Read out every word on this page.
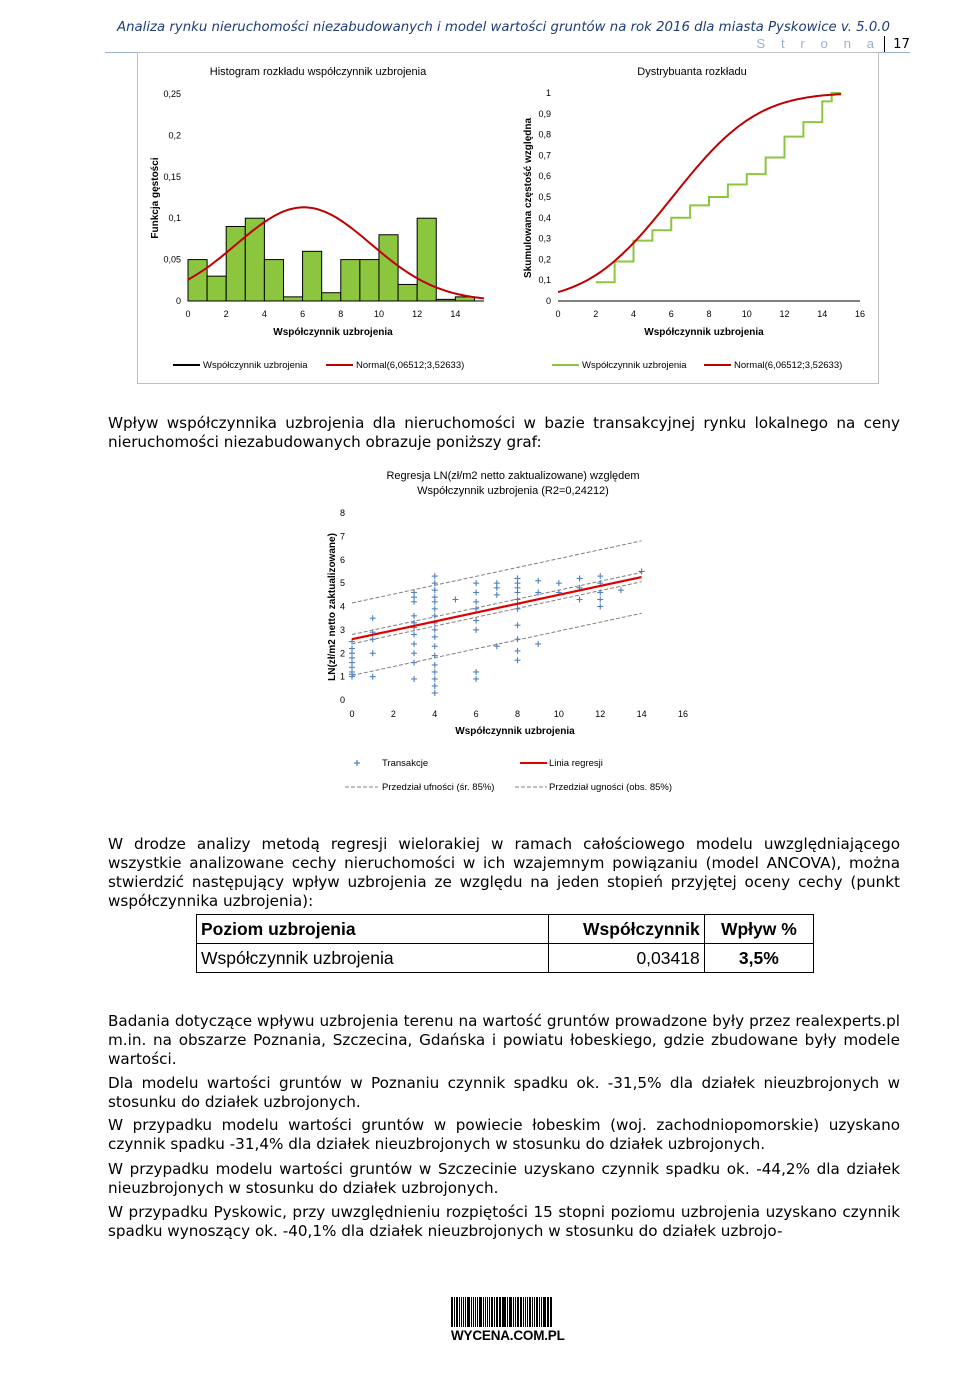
Analiza rynku nieruchomości niezabudowanych i model wartości gruntów na rok 2016 dla miasta Pyskowice v. 5.0.0
S t r o n a 17
Histogram rozkładu współczynnik uzbrojenia	Dystrybuanta rozkładu
Współczynnik uzbrojenia	Współczynnik uzbrojenia
Funkcja gęstości	Skumulowana częstość względna
Współczynnik uzbrojenia	Normal(6,06512;3,52633)	Współczynnik uzbrojenia	Normal(6,06512;3,52633)
0	2	4	6	8	10	12	14
0
0,05
0,1
0,15
0,2
0,25
0	2	4	6	8	10	12	14	16
0
0,1
0,2
0,3
0,4
0,5
0,6
0,7
0,8
0,9
1
Wpływ współczynnika uzbrojenia dla nieruchomości w bazie transakcyjnej rynku lokalnego na ceny nieruchomości niezabudowanych obrazuje poniższy graf:
Regresja LN(zł/m2 netto zaktualizowane) względem
Współczynnik uzbrojenia (R2=0,24212)
Współczynnik uzbrojenia
LN(zł/m2 netto zaktualizowane)
Transakcje	Linia regresji
Przedział ufności (śr. 85%)	Przedział ugności (obs. 85%)
0	2	4	6	8	10	12	14	16
0
1
2
3
4
5
6
7
8
W drodze analizy metodą regresji wielorakiej w ramach całościowego modelu uwzględniającego wszystkie analizowane cechy nieruchomości w ich wzajemnym powiązaniu (model ANCOVA), można stwierdzić następujący wpływ uzbrojenia ze względu na jeden stopień przyjętej oceny cechy (punkt współczynnika uzbrojenia):
Poziom uzbrojenia	Współczynnik	Wpływ %
Współczynnik uzbrojenia	0,03418	3,5%
Badania dotyczące wpływu uzbrojenia terenu na wartość gruntów prowadzone były przez realexperts.pl m.in. na obszarze Poznania, Szczecina, Gdańska i powiatu łobeskiego, gdzie zbudowane były modele wartości.
Dla modelu wartości gruntów w Poznaniu czynnik spadku ok. -31,5% dla działek nieuzbrojonych w stosunku do działek uzbrojonych.
W przypadku modelu wartości gruntów w powiecie łobeskim (woj. zachodniopomorskie) uzyskano czynnik spadku -31,4% dla działek nieuzbrojonych w stosunku do działek uzbrojonych.
W przypadku modelu wartości gruntów w Szczecinie uzyskano czynnik spadku ok. -44,2% dla działek nieuzbrojonych w stosunku do działek uzbrojonych.
W przypadku Pyskowic, przy uwzględnieniu rozpiętości 15 stopni poziomu uzbrojenia uzyskano czynnik spadku wynoszący ok. -40,1% dla działek nieuzbrojonych w stosunku do działek uzbrojo-
WYCENA.COM.PL
